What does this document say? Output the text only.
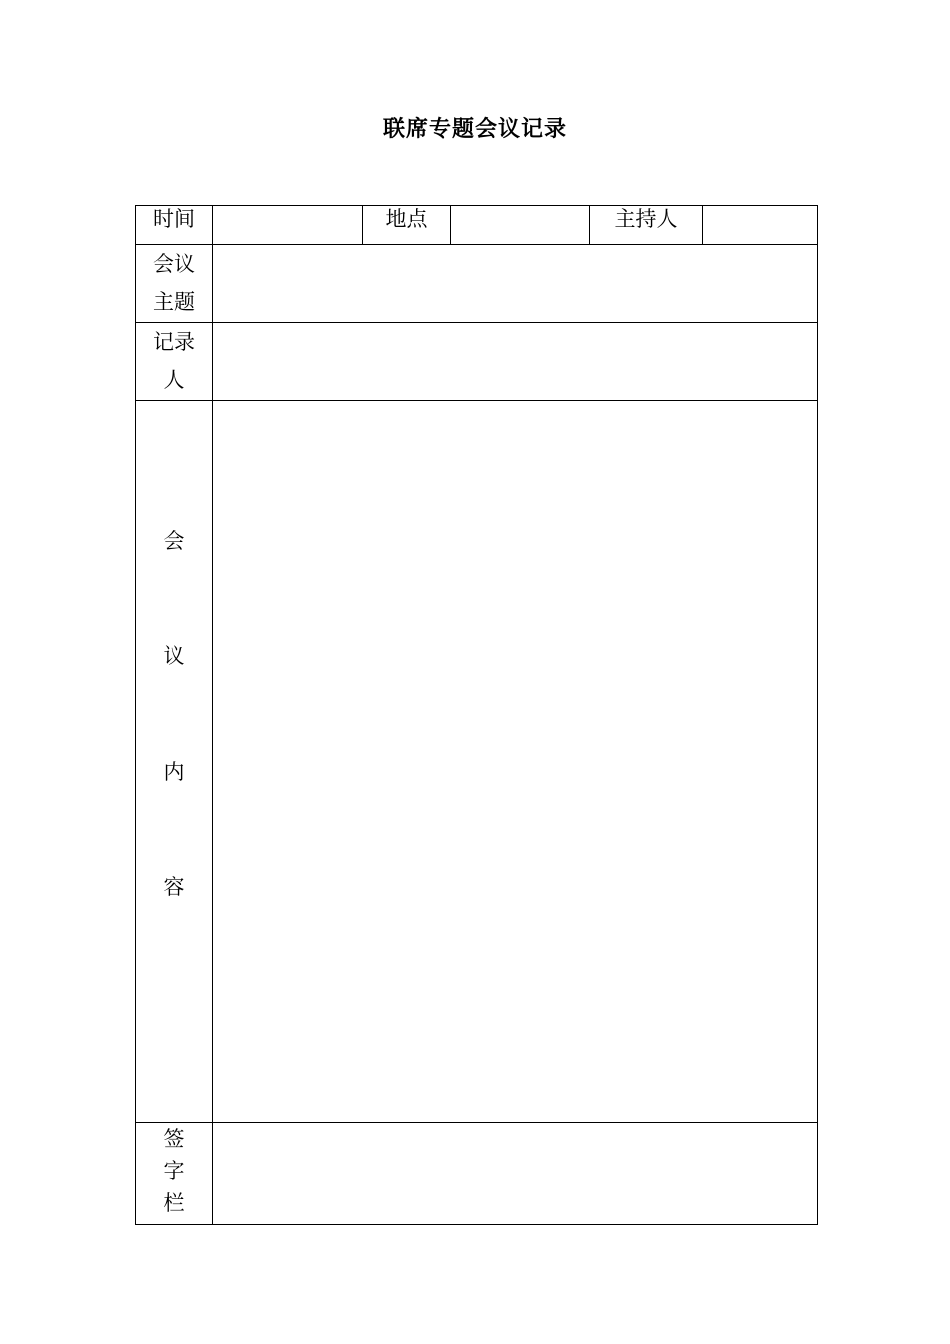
联席专题会议记录
时间		地点		主持人	

会议
主题					

记录
人					

会
议
内
容					

签
字
栏					
